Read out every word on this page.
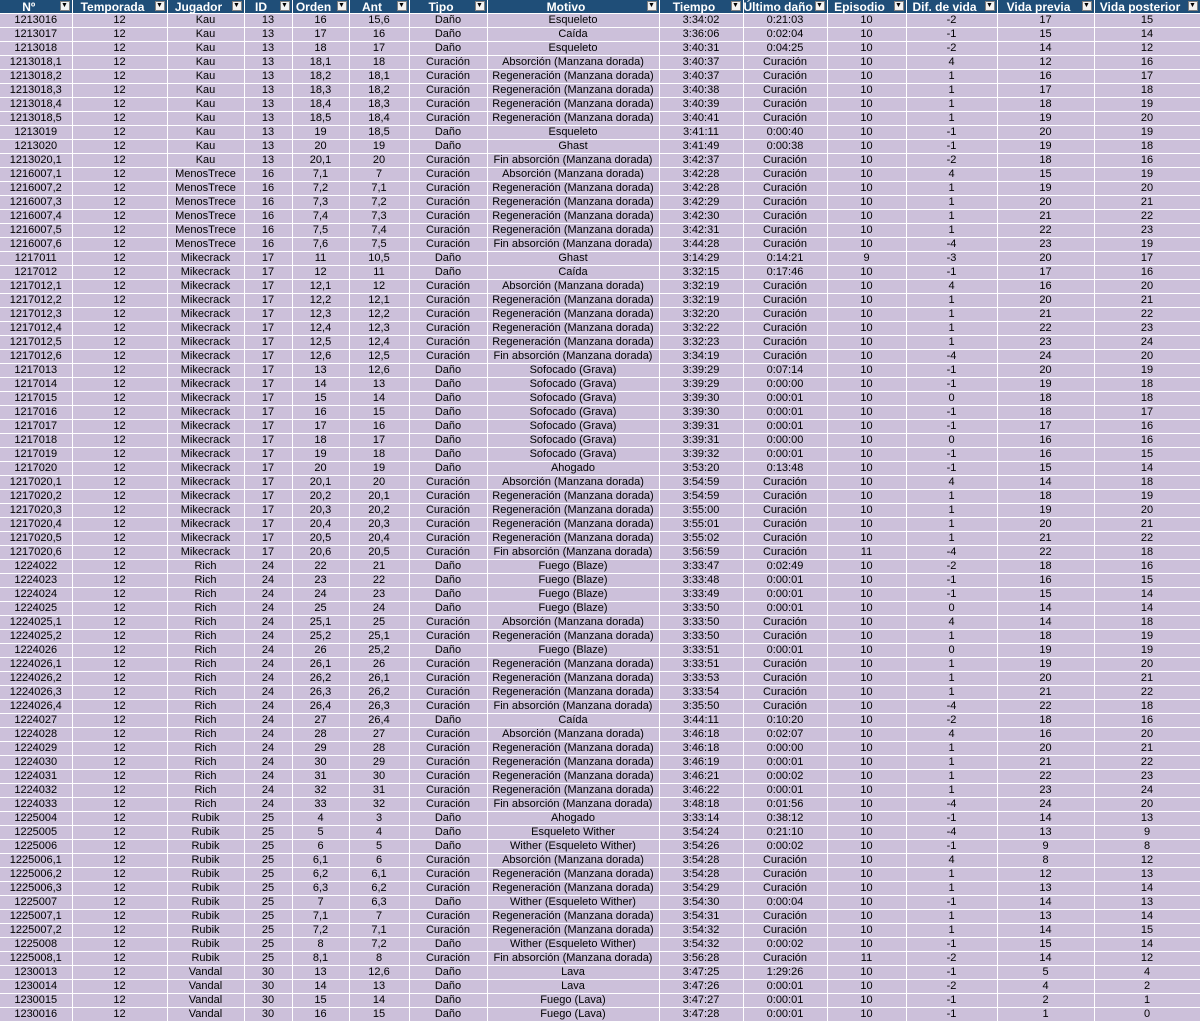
Nº ▼	Temporada ▼	Jugador ▼	ID ▼	Orden ▼	Ant ▼	Tipo ▼	Motivo ▼	Tiempo ▼	Último daño ▼	Episodio ▼	Dif. de vida ▼	Vida previa ▼	Vida posterior ▼

1213016	12	Kau	13	16	15,6	Daño	Esqueleto	3:34:02	0:21:03	10	-2	17	15
1213017	12	Kau	13	17	16	Daño	Caída	3:36:06	0:02:04	10	-1	15	14
1213018	12	Kau	13	18	17	Daño	Esqueleto	3:40:31	0:04:25	10	-2	14	12
1213018,1	12	Kau	13	18,1	18	Curación	Absorción (Manzana dorada)	3:40:37	Curación	10	4	12	16
1213018,2	12	Kau	13	18,2	18,1	Curación	Regeneración (Manzana dorada)	3:40:37	Curación	10	1	16	17
1213018,3	12	Kau	13	18,3	18,2	Curación	Regeneración (Manzana dorada)	3:40:38	Curación	10	1	17	18
1213018,4	12	Kau	13	18,4	18,3	Curación	Regeneración (Manzana dorada)	3:40:39	Curación	10	1	18	19
1213018,5	12	Kau	13	18,5	18,4	Curación	Regeneración (Manzana dorada)	3:40:41	Curación	10	1	19	20
1213019	12	Kau	13	19	18,5	Daño	Esqueleto	3:41:11	0:00:40	10	-1	20	19
1213020	12	Kau	13	20	19	Daño	Ghast	3:41:49	0:00:38	10	-1	19	18
1213020,1	12	Kau	13	20,1	20	Curación	Fin absorción (Manzana dorada)	3:42:37	Curación	10	-2	18	16
1216007,1	12	MenosTrece	16	7,1	7	Curación	Absorción (Manzana dorada)	3:42:28	Curación	10	4	15	19
1216007,2	12	MenosTrece	16	7,2	7,1	Curación	Regeneración (Manzana dorada)	3:42:28	Curación	10	1	19	20
1216007,3	12	MenosTrece	16	7,3	7,2	Curación	Regeneración (Manzana dorada)	3:42:29	Curación	10	1	20	21
1216007,4	12	MenosTrece	16	7,4	7,3	Curación	Regeneración (Manzana dorada)	3:42:30	Curación	10	1	21	22
1216007,5	12	MenosTrece	16	7,5	7,4	Curación	Regeneración (Manzana dorada)	3:42:31	Curación	10	1	22	23
1216007,6	12	MenosTrece	16	7,6	7,5	Curación	Fin absorción (Manzana dorada)	3:44:28	Curación	10	-4	23	19
1217011	12	Mikecrack	17	11	10,5	Daño	Ghast	3:14:29	0:14:21	9	-3	20	17
1217012	12	Mikecrack	17	12	11	Daño	Caída	3:32:15	0:17:46	10	-1	17	16
1217012,1	12	Mikecrack	17	12,1	12	Curación	Absorción (Manzana dorada)	3:32:19	Curación	10	4	16	20
1217012,2	12	Mikecrack	17	12,2	12,1	Curación	Regeneración (Manzana dorada)	3:32:19	Curación	10	1	20	21
1217012,3	12	Mikecrack	17	12,3	12,2	Curación	Regeneración (Manzana dorada)	3:32:20	Curación	10	1	21	22
1217012,4	12	Mikecrack	17	12,4	12,3	Curación	Regeneración (Manzana dorada)	3:32:22	Curación	10	1	22	23
1217012,5	12	Mikecrack	17	12,5	12,4	Curación	Regeneración (Manzana dorada)	3:32:23	Curación	10	1	23	24
1217012,6	12	Mikecrack	17	12,6	12,5	Curación	Fin absorción (Manzana dorada)	3:34:19	Curación	10	-4	24	20
1217013	12	Mikecrack	17	13	12,6	Daño	Sofocado (Grava)	3:39:29	0:07:14	10	-1	20	19
1217014	12	Mikecrack	17	14	13	Daño	Sofocado (Grava)	3:39:29	0:00:00	10	-1	19	18
1217015	12	Mikecrack	17	15	14	Daño	Sofocado (Grava)	3:39:30	0:00:01	10	0	18	18
1217016	12	Mikecrack	17	16	15	Daño	Sofocado (Grava)	3:39:30	0:00:01	10	-1	18	17
1217017	12	Mikecrack	17	17	16	Daño	Sofocado (Grava)	3:39:31	0:00:01	10	-1	17	16
1217018	12	Mikecrack	17	18	17	Daño	Sofocado (Grava)	3:39:31	0:00:00	10	0	16	16
1217019	12	Mikecrack	17	19	18	Daño	Sofocado (Grava)	3:39:32	0:00:01	10	-1	16	15
1217020	12	Mikecrack	17	20	19	Daño	Ahogado	3:53:20	0:13:48	10	-1	15	14
1217020,1	12	Mikecrack	17	20,1	20	Curación	Absorción (Manzana dorada)	3:54:59	Curación	10	4	14	18
1217020,2	12	Mikecrack	17	20,2	20,1	Curación	Regeneración (Manzana dorada)	3:54:59	Curación	10	1	18	19
1217020,3	12	Mikecrack	17	20,3	20,2	Curación	Regeneración (Manzana dorada)	3:55:00	Curación	10	1	19	20
1217020,4	12	Mikecrack	17	20,4	20,3	Curación	Regeneración (Manzana dorada)	3:55:01	Curación	10	1	20	21
1217020,5	12	Mikecrack	17	20,5	20,4	Curación	Regeneración (Manzana dorada)	3:55:02	Curación	10	1	21	22
1217020,6	12	Mikecrack	17	20,6	20,5	Curación	Fin absorción (Manzana dorada)	3:56:59	Curación	11	-4	22	18
1224022	12	Rich	24	22	21	Daño	Fuego (Blaze)	3:33:47	0:02:49	10	-2	18	16
1224023	12	Rich	24	23	22	Daño	Fuego (Blaze)	3:33:48	0:00:01	10	-1	16	15
1224024	12	Rich	24	24	23	Daño	Fuego (Blaze)	3:33:49	0:00:01	10	-1	15	14
1224025	12	Rich	24	25	24	Daño	Fuego (Blaze)	3:33:50	0:00:01	10	0	14	14
1224025,1	12	Rich	24	25,1	25	Curación	Absorción (Manzana dorada)	3:33:50	Curación	10	4	14	18
1224025,2	12	Rich	24	25,2	25,1	Curación	Regeneración (Manzana dorada)	3:33:50	Curación	10	1	18	19
1224026	12	Rich	24	26	25,2	Daño	Fuego (Blaze)	3:33:51	0:00:01	10	0	19	19
1224026,1	12	Rich	24	26,1	26	Curación	Regeneración (Manzana dorada)	3:33:51	Curación	10	1	19	20
1224026,2	12	Rich	24	26,2	26,1	Curación	Regeneración (Manzana dorada)	3:33:53	Curación	10	1	20	21
1224026,3	12	Rich	24	26,3	26,2	Curación	Regeneración (Manzana dorada)	3:33:54	Curación	10	1	21	22
1224026,4	12	Rich	24	26,4	26,3	Curación	Fin absorción (Manzana dorada)	3:35:50	Curación	10	-4	22	18
1224027	12	Rich	24	27	26,4	Daño	Caída	3:44:11	0:10:20	10	-2	18	16
1224028	12	Rich	24	28	27	Curación	Absorción (Manzana dorada)	3:46:18	0:02:07	10	4	16	20
1224029	12	Rich	24	29	28	Curación	Regeneración (Manzana dorada)	3:46:18	0:00:00	10	1	20	21
1224030	12	Rich	24	30	29	Curación	Regeneración (Manzana dorada)	3:46:19	0:00:01	10	1	21	22
1224031	12	Rich	24	31	30	Curación	Regeneración (Manzana dorada)	3:46:21	0:00:02	10	1	22	23
1224032	12	Rich	24	32	31	Curación	Regeneración (Manzana dorada)	3:46:22	0:00:01	10	1	23	24
1224033	12	Rich	24	33	32	Curación	Fin absorción (Manzana dorada)	3:48:18	0:01:56	10	-4	24	20
1225004	12	Rubik	25	4	3	Daño	Ahogado	3:33:14	0:38:12	10	-1	14	13
1225005	12	Rubik	25	5	4	Daño	Esqueleto Wither	3:54:24	0:21:10	10	-4	13	9
1225006	12	Rubik	25	6	5	Daño	Wither (Esqueleto Wither)	3:54:26	0:00:02	10	-1	9	8
1225006,1	12	Rubik	25	6,1	6	Curación	Absorción (Manzana dorada)	3:54:28	Curación	10	4	8	12
1225006,2	12	Rubik	25	6,2	6,1	Curación	Regeneración (Manzana dorada)	3:54:28	Curación	10	1	12	13
1225006,3	12	Rubik	25	6,3	6,2	Curación	Regeneración (Manzana dorada)	3:54:29	Curación	10	1	13	14
1225007	12	Rubik	25	7	6,3	Daño	Wither (Esqueleto Wither)	3:54:30	0:00:04	10	-1	14	13
1225007,1	12	Rubik	25	7,1	7	Curación	Regeneración (Manzana dorada)	3:54:31	Curación	10	1	13	14
1225007,2	12	Rubik	25	7,2	7,1	Curación	Regeneración (Manzana dorada)	3:54:32	Curación	10	1	14	15
1225008	12	Rubik	25	8	7,2	Daño	Wither (Esqueleto Wither)	3:54:32	0:00:02	10	-1	15	14
1225008,1	12	Rubik	25	8,1	8	Curación	Fin absorción (Manzana dorada)	3:56:28	Curación	11	-2	14	12
1230013	12	Vandal	30	13	12,6	Daño	Lava	3:47:25	1:29:26	10	-1	5	4
1230014	12	Vandal	30	14	13	Daño	Lava	3:47:26	0:00:01	10	-2	4	2
1230015	12	Vandal	30	15	14	Daño	Fuego (Lava)	3:47:27	0:00:01	10	-1	2	1
1230016	12	Vandal	30	16	15	Daño	Fuego (Lava)	3:47:28	0:00:01	10	-1	1	0
